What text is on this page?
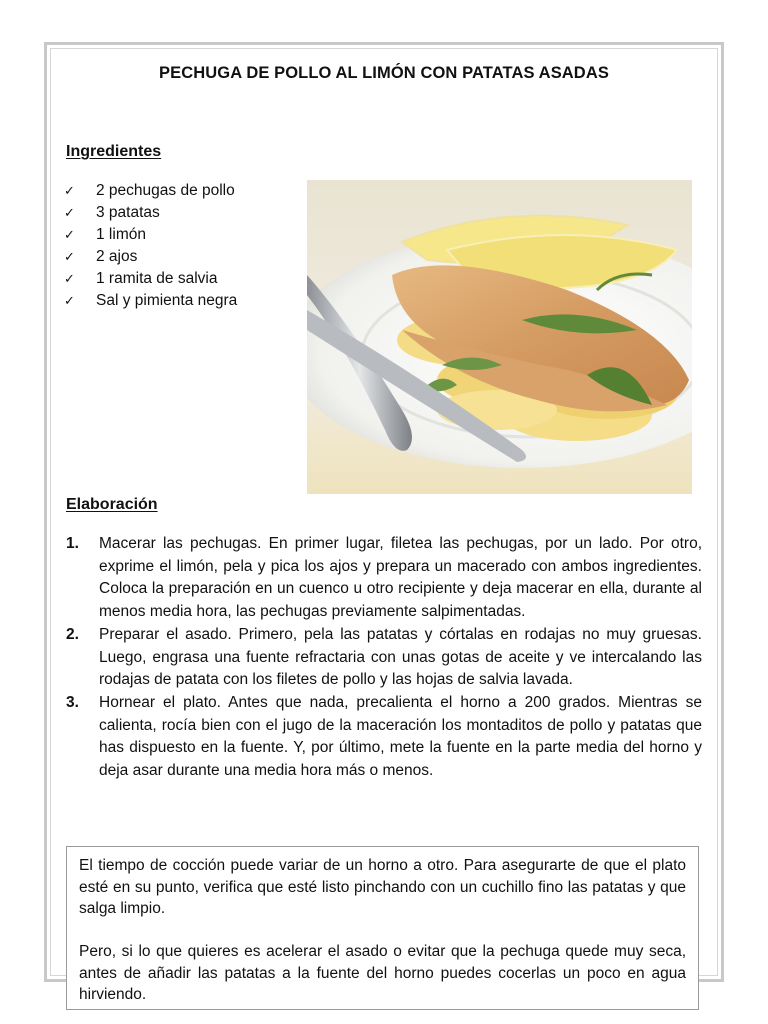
PECHUGA DE POLLO AL LIMÓN CON PATATAS ASADAS
Ingredientes
✓	2 pechugas de pollo
✓	3 patatas
✓	1 limón
✓	2 ajos
✓	1 ramita de salvia
✓	Sal y pimienta negra
Elaboración
1.	Macerar las pechugas. En primer lugar, filetea las pechugas, por un lado. Por otro, exprime el limón, pela y pica los ajos y prepara un macerado con ambos ingredientes. Coloca la preparación en un cuenco u otro recipiente y deja macerar en ella, durante al menos media hora, las pechugas previamente salpimentadas.
2.	Preparar el asado. Primero, pela las patatas y córtalas en rodajas no muy gruesas. Luego, engrasa una fuente refractaria con unas gotas de aceite y ve intercalando las rodajas de patata con los filetes de pollo y las hojas de salvia lavada.
3.	Hornear el plato. Antes que nada, precalienta el horno a 200 grados. Mientras se calienta, rocía bien con el jugo de la maceración los montaditos de pollo y patatas que has dispuesto en la fuente. Y, por último, mete la fuente en la parte media del horno y deja asar durante una media hora más o menos.

El tiempo de cocción puede variar de un horno a otro. Para asegurarte de que el plato esté en su punto, verifica que esté listo pinchando con un cuchillo fino las patatas y que salga limpio.

Pero, si lo que quieres es acelerar el asado o evitar que la pechuga quede muy seca, antes de añadir las patatas a la fuente del horno puedes cocerlas un poco en agua hirviendo.
